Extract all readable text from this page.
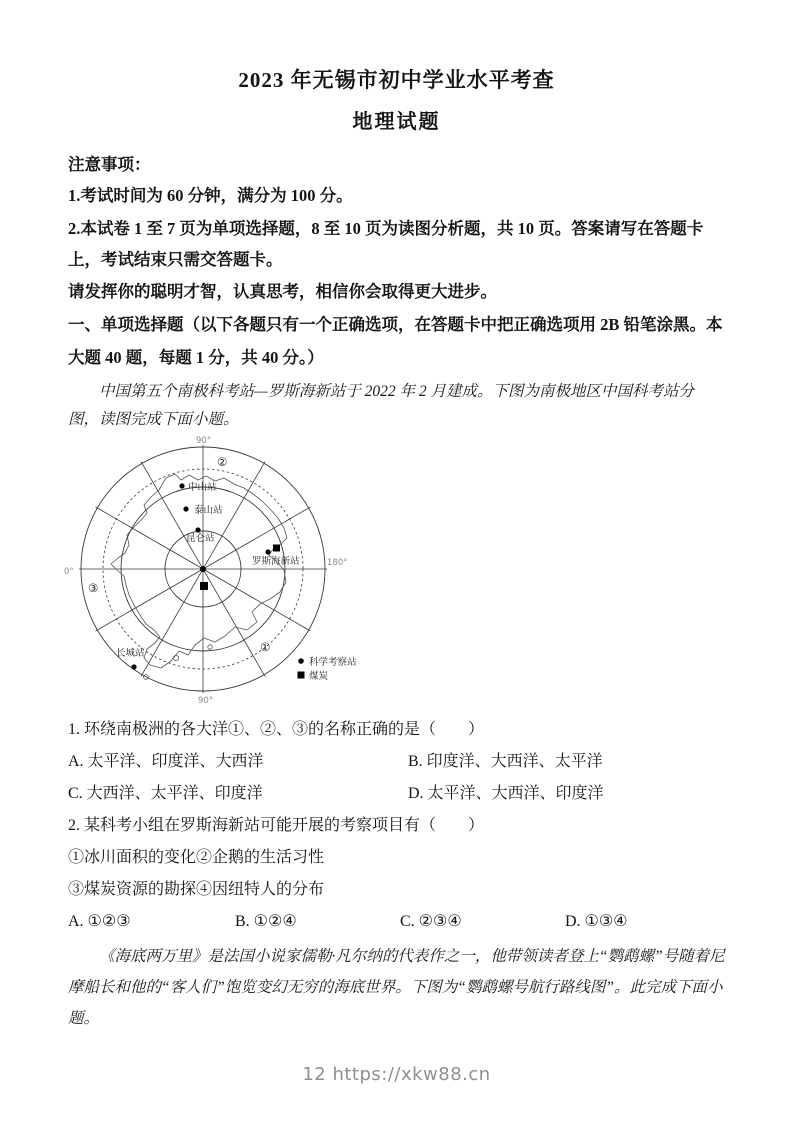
2023 年无锡市初中学业水平考查
地理试题
注意事项：
1.考试时间为 60 分钟，满分为 100 分。
2.本试卷 1 至 7 页为单项选择题，8 至 10 页为读图分析题，共 10 页。答案请写在答题卡上，考试结束只需交答题卡。
请发挥你的聪明才智，认真思考，相信你会取得更大进步。
一、单项选择题（以下各题只有一个正确选项，在答题卡中把正确选项用 2B 铅笔涂黑。本大题 40 题，每题 1 分，共 40 分。）
中国第五个南极科考站—罗斯海新站于 2022 年 2 月建成。下图为南极地区中国科考站分图，读图完成下面小题。
中山站
泰山站
昆仑站
罗斯海新站
长城站	①
②
③
90°
90°
0°
180°
科学考察站
煤炭
1. 环绕南极洲的各大洋①、②、③的名称正确的是（　　）
A. 太平洋、印度洋、大西洋	B. 印度洋、大西洋、太平洋
C. 大西洋、太平洋、印度洋	D. 太平洋、大西洋、印度洋
2. 某科考小组在罗斯海新站可能开展的考察项目有（　　）
①冰川面积的变化②企鹅的生活习性
③煤炭资源的勘探④因纽特人的分布
A. ①②③	B. ①②④	C. ②③④	D. ①③④
《海底两万里》是法国小说家儒勒·凡尔纳的代表作之一，他带领读者登上“鹦鹉螺”号随着尼摩船长和他的“客人们”饱览变幻无穷的海底世界。下图为“鹦鹉螺号航行路线图”。此完成下面小题。
12 https://xkw88.cn
